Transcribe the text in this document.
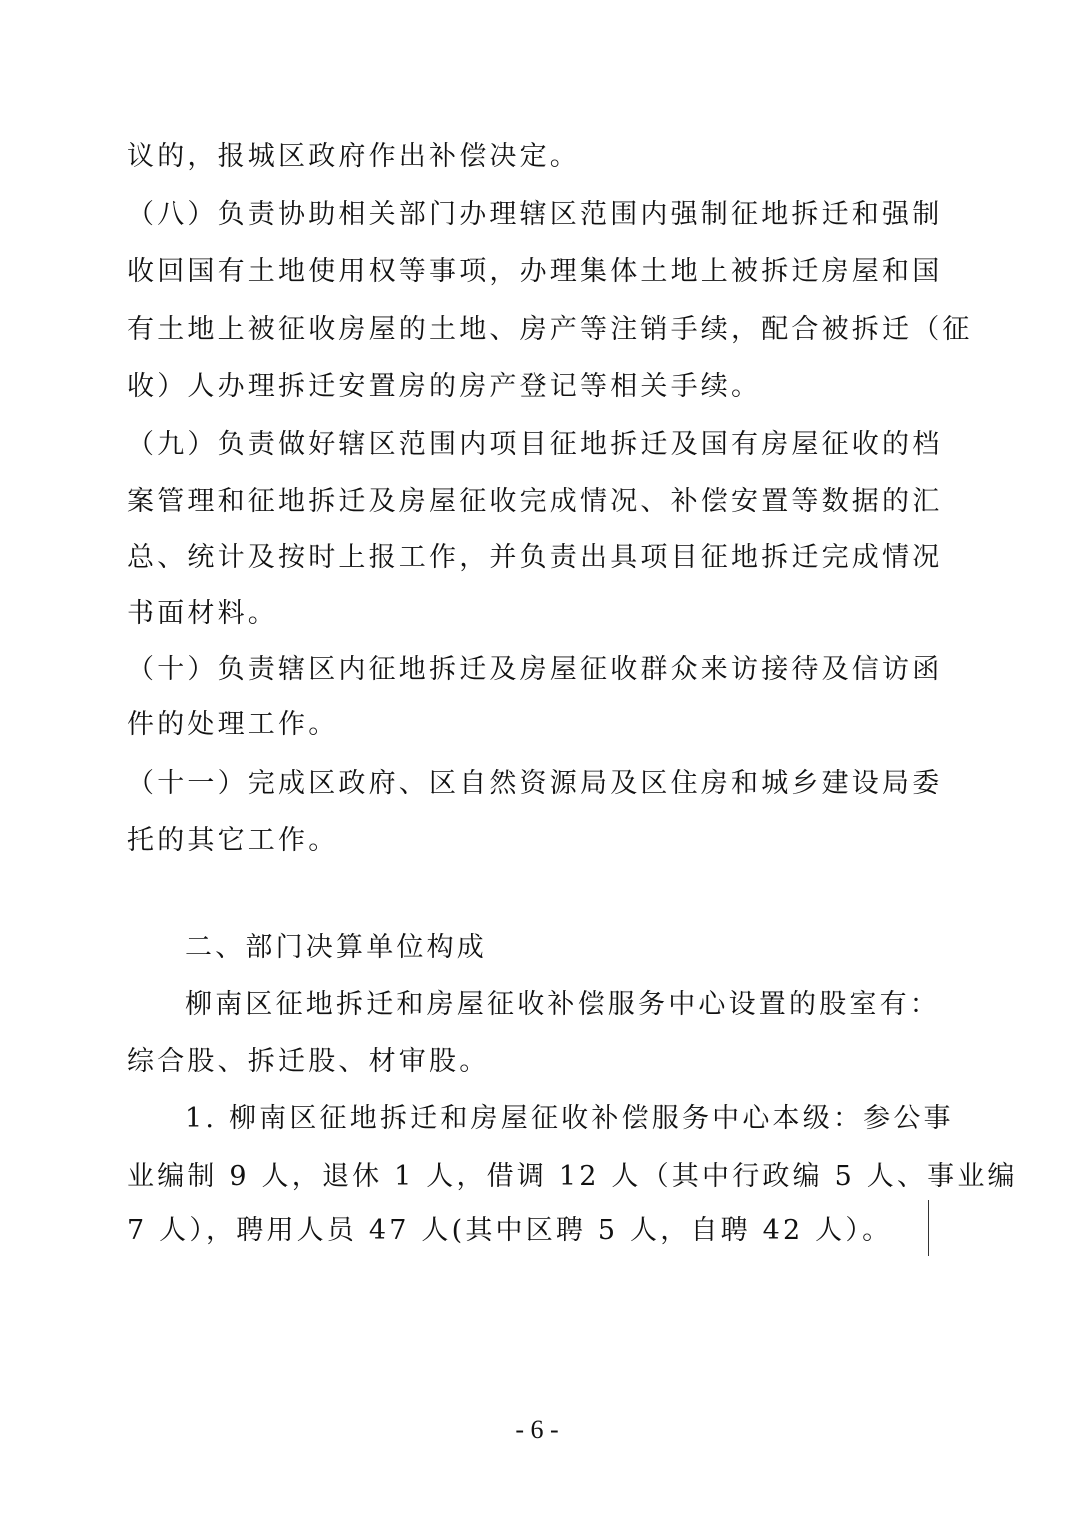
议的，报城区政府作出补偿决定。
（八）负责协助相关部门办理辖区范围内强制征地拆迁和强制
收回国有土地使用权等事项，办理集体土地上被拆迁房屋和国
有土地上被征收房屋的土地、房产等注销手续，配合被拆迁（征
收）人办理拆迁安置房的房产登记等相关手续。
（九）负责做好辖区范围内项目征地拆迁及国有房屋征收的档
案管理和征地拆迁及房屋征收完成情况、补偿安置等数据的汇
总、统计及按时上报工作，并负责出具项目征地拆迁完成情况
书面材料。
（十）负责辖区内征地拆迁及房屋征收群众来访接待及信访函
件的处理工作。
（十一）完成区政府、区自然资源局及区住房和城乡建设局委
托的其它工作。
二、部门决算单位构成
柳南区征地拆迁和房屋征收补偿服务中心设置的股室有：
综合股、拆迁股、材审股。
1. 柳南区征地拆迁和房屋征收补偿服务中心本级：参公事
业编制 9 人，退休 1 人，借调 12 人（其中行政编 5 人、事业编
7 人），聘用人员 47 人(其中区聘 5 人，自聘 42 人）。
- 6 -
